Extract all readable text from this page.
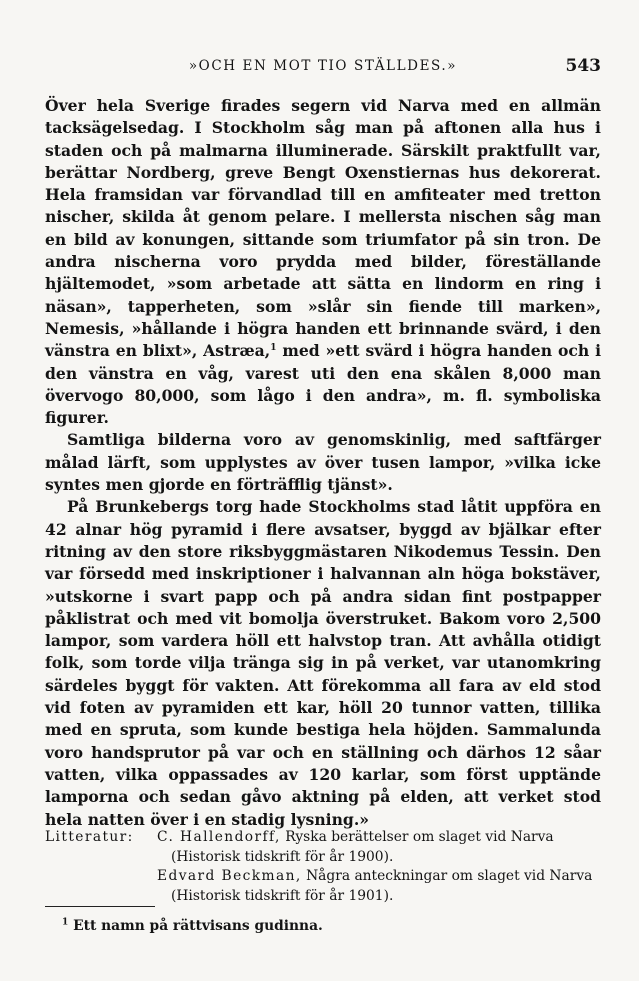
»OCH EN MOT TIO STÄLLDES.»	543

Över hela Sverige firades segern vid Narva med en allmän tacksägelsedag. I Stockholm såg man på aftonen alla hus i staden och på malmarna illuminerade. Särskilt praktfullt var, berättar Nordberg, greve Bengt Oxenstiernas hus dekorerat. Hela framsidan var förvandlad till en amfiteater med tretton nischer, skilda åt genom pelare. I mellersta nischen såg man en bild av konungen, sittande som triumfator på sin tron. De andra nischerna voro prydda med bilder, föreställande hjältemodet, »som arbetade att sätta en lindorm en ring i näsan», tapperheten, som »slår sin fiende till marken», Nemesis, »hållande i högra handen ett brinnande svärd, i den vänstra en blixt», Astræa,$^1$ med »ett svärd i högra handen och i den vänstra en våg, varest uti den ena skålen 8,000 man övervogo 80,000, som lågo i den andra», m. fl. symboliska figurer.

Samtliga bilderna voro av genomskinlig, med saftfärger målad lärft, som upplystes av över tusen lampor, »vilka icke syntes men gjorde en förträfflig tjänst».

På Brunkebergs torg hade Stockholms stad låtit uppföra en 42 alnar hög pyramid i flere avsatser, byggd av bjälkar efter ritning av den store riksbyggmästaren Nikodemus Tessin. Den var försedd med inskriptioner i halvannan aln höga bokstäver, »utskorne i svart papp och på andra sidan fint postpapper påklistrat och med vit bomolja överstruket. Bakom voro 2,500 lampor, som vardera höll ett halvstop tran. Att avhålla otidigt folk, som torde vilja tränga sig in på verket, var utanomkring särdeles byggt för vakten. Att förekomma all fara av eld stod vid foten av pyramiden ett kar, höll 20 tunnor vatten, tillika med en spruta, som kunde bestiga hela höjden. Sammalunda voro handsprutor på var och en ställning och därhos 12 såar vatten, vilka oppassades av 120 karlar, som först upptände lamporna och sedan gåvo aktning på elden, att verket stod hela natten över i en stadig lysning.»

Litteratur:	C. Hallendorff, Ryska berättelser om slaget vid Narva (Historisk tidskrift för år 1900).
Edvard Beckman, Några anteckningar om slaget vid Narva (Historisk tidskrift för år 1901).
$^1$ Ett namn på rättvisans gudinna.
